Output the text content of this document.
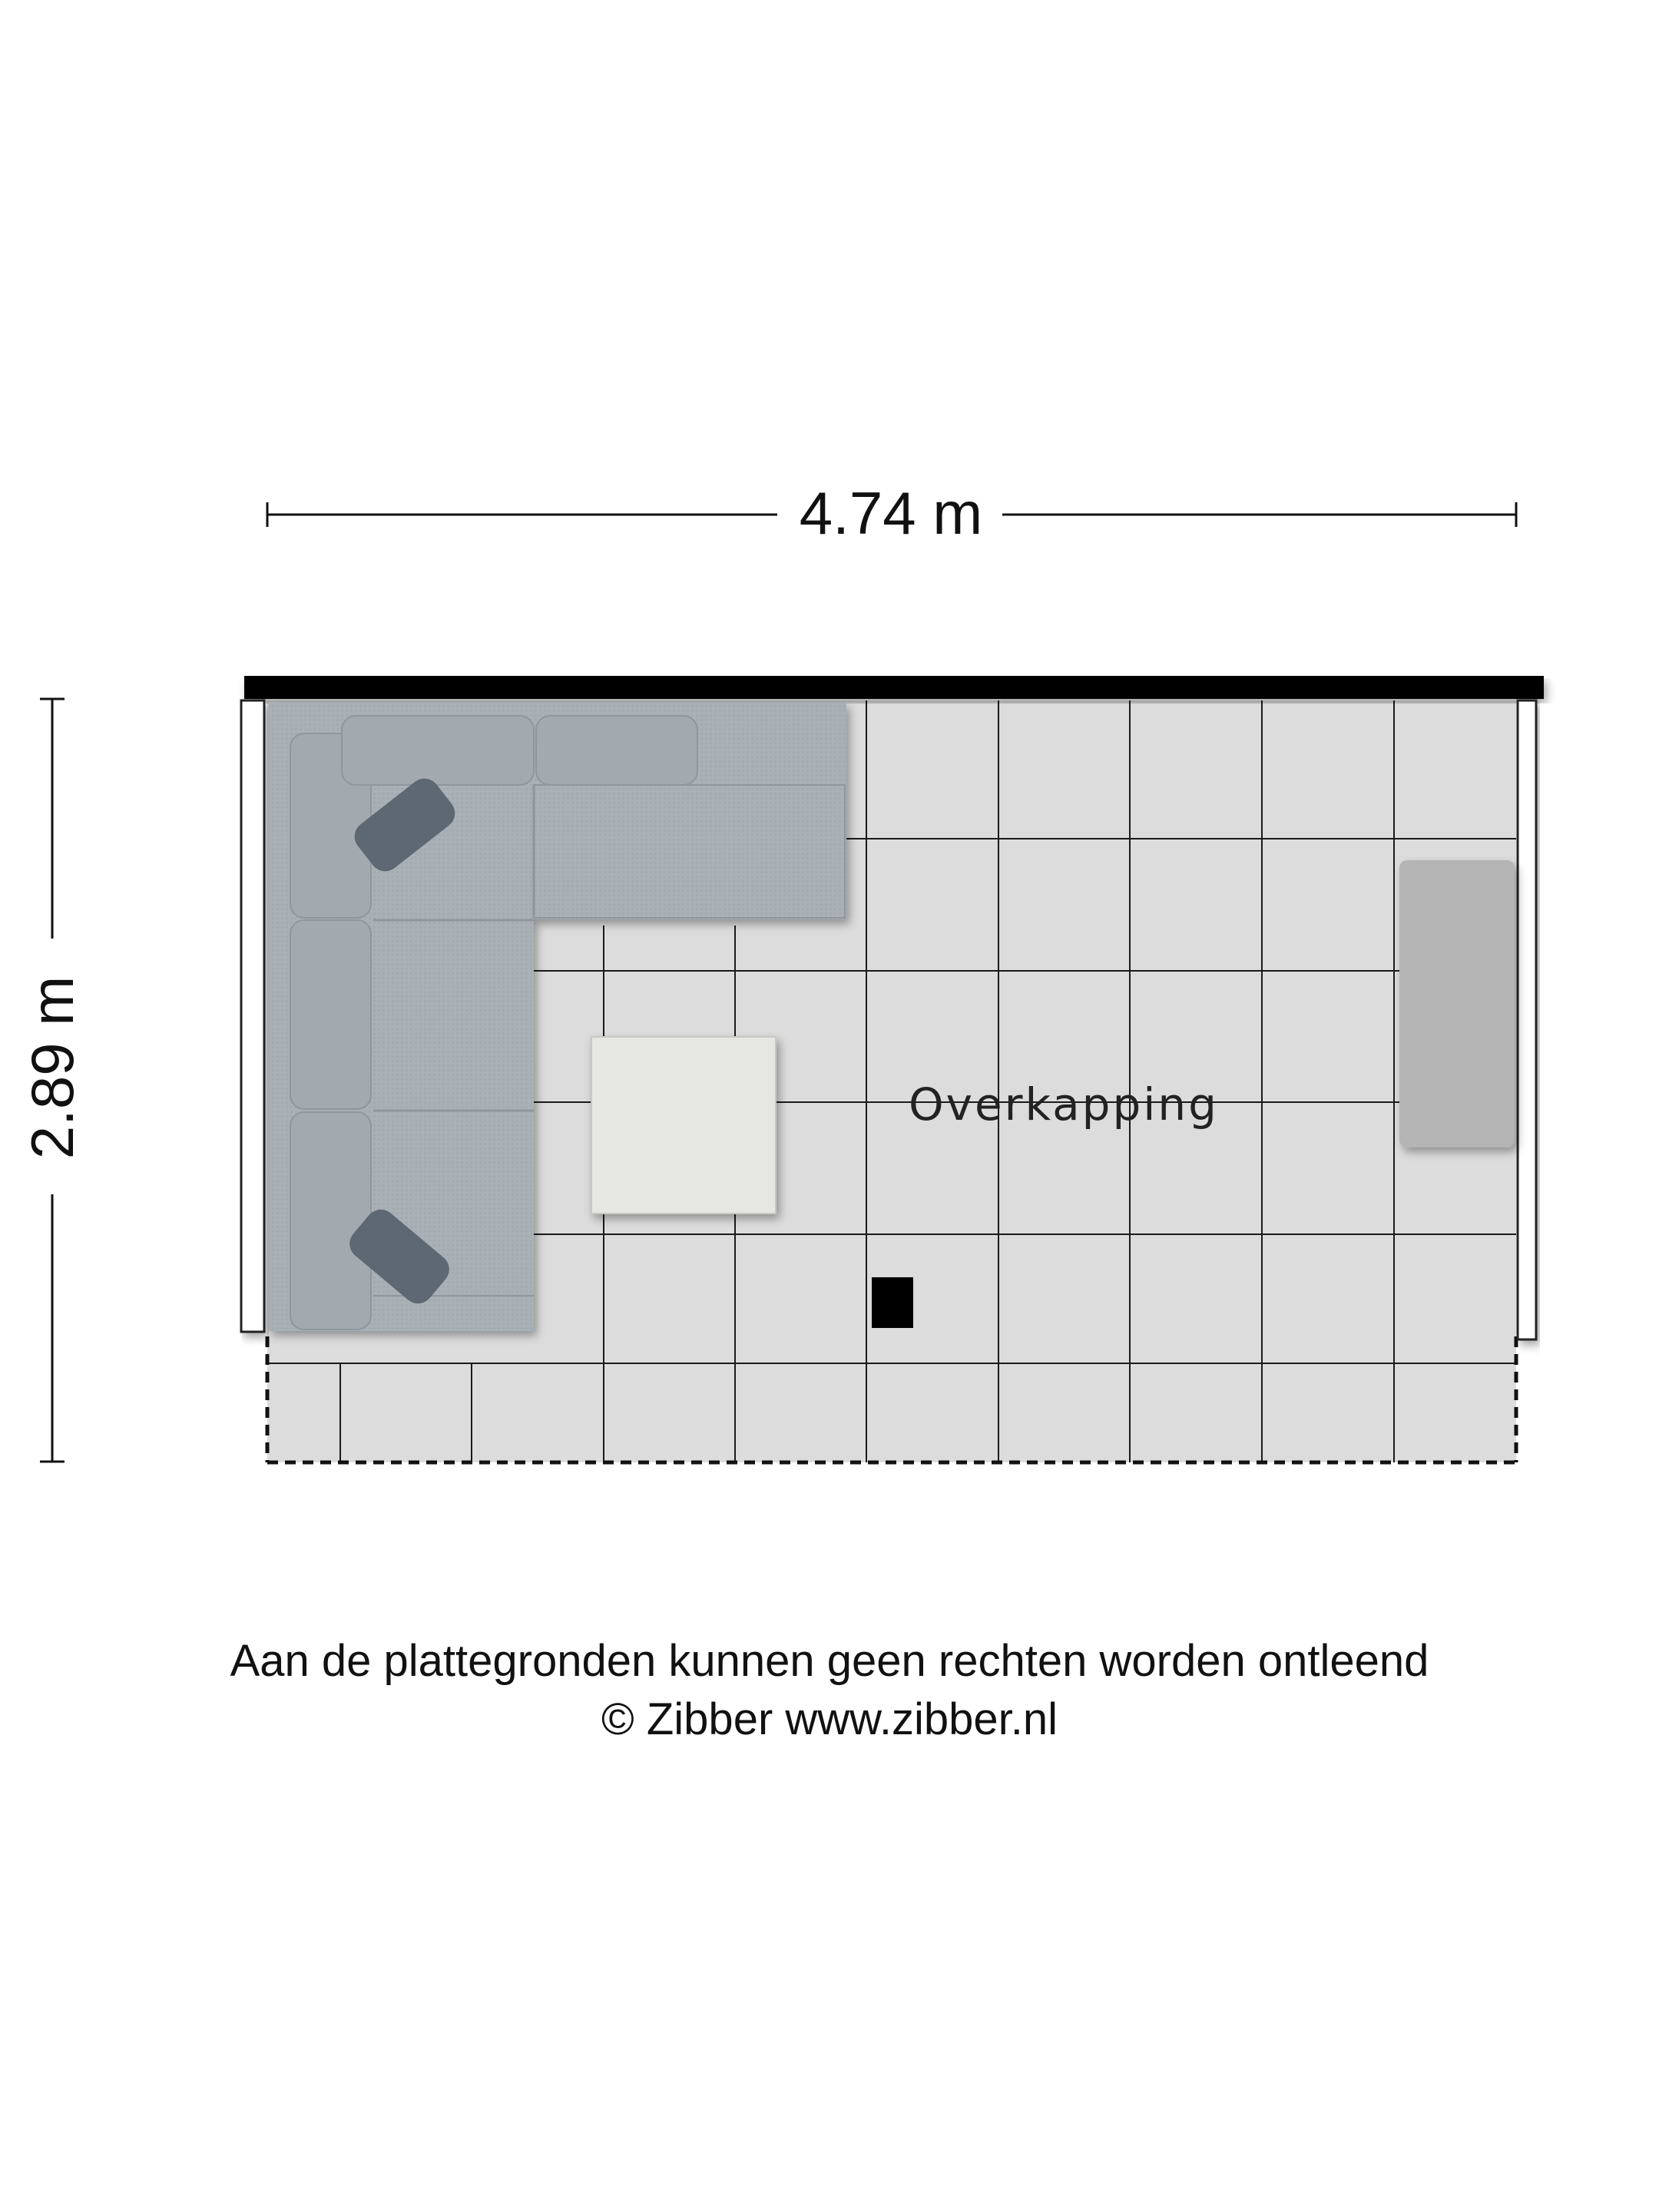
4.74 m
2.89 m	Overkapping
Aan de plattegronden kunnen geen rechten worden ontleend
© Zibber www.zibber.nl
